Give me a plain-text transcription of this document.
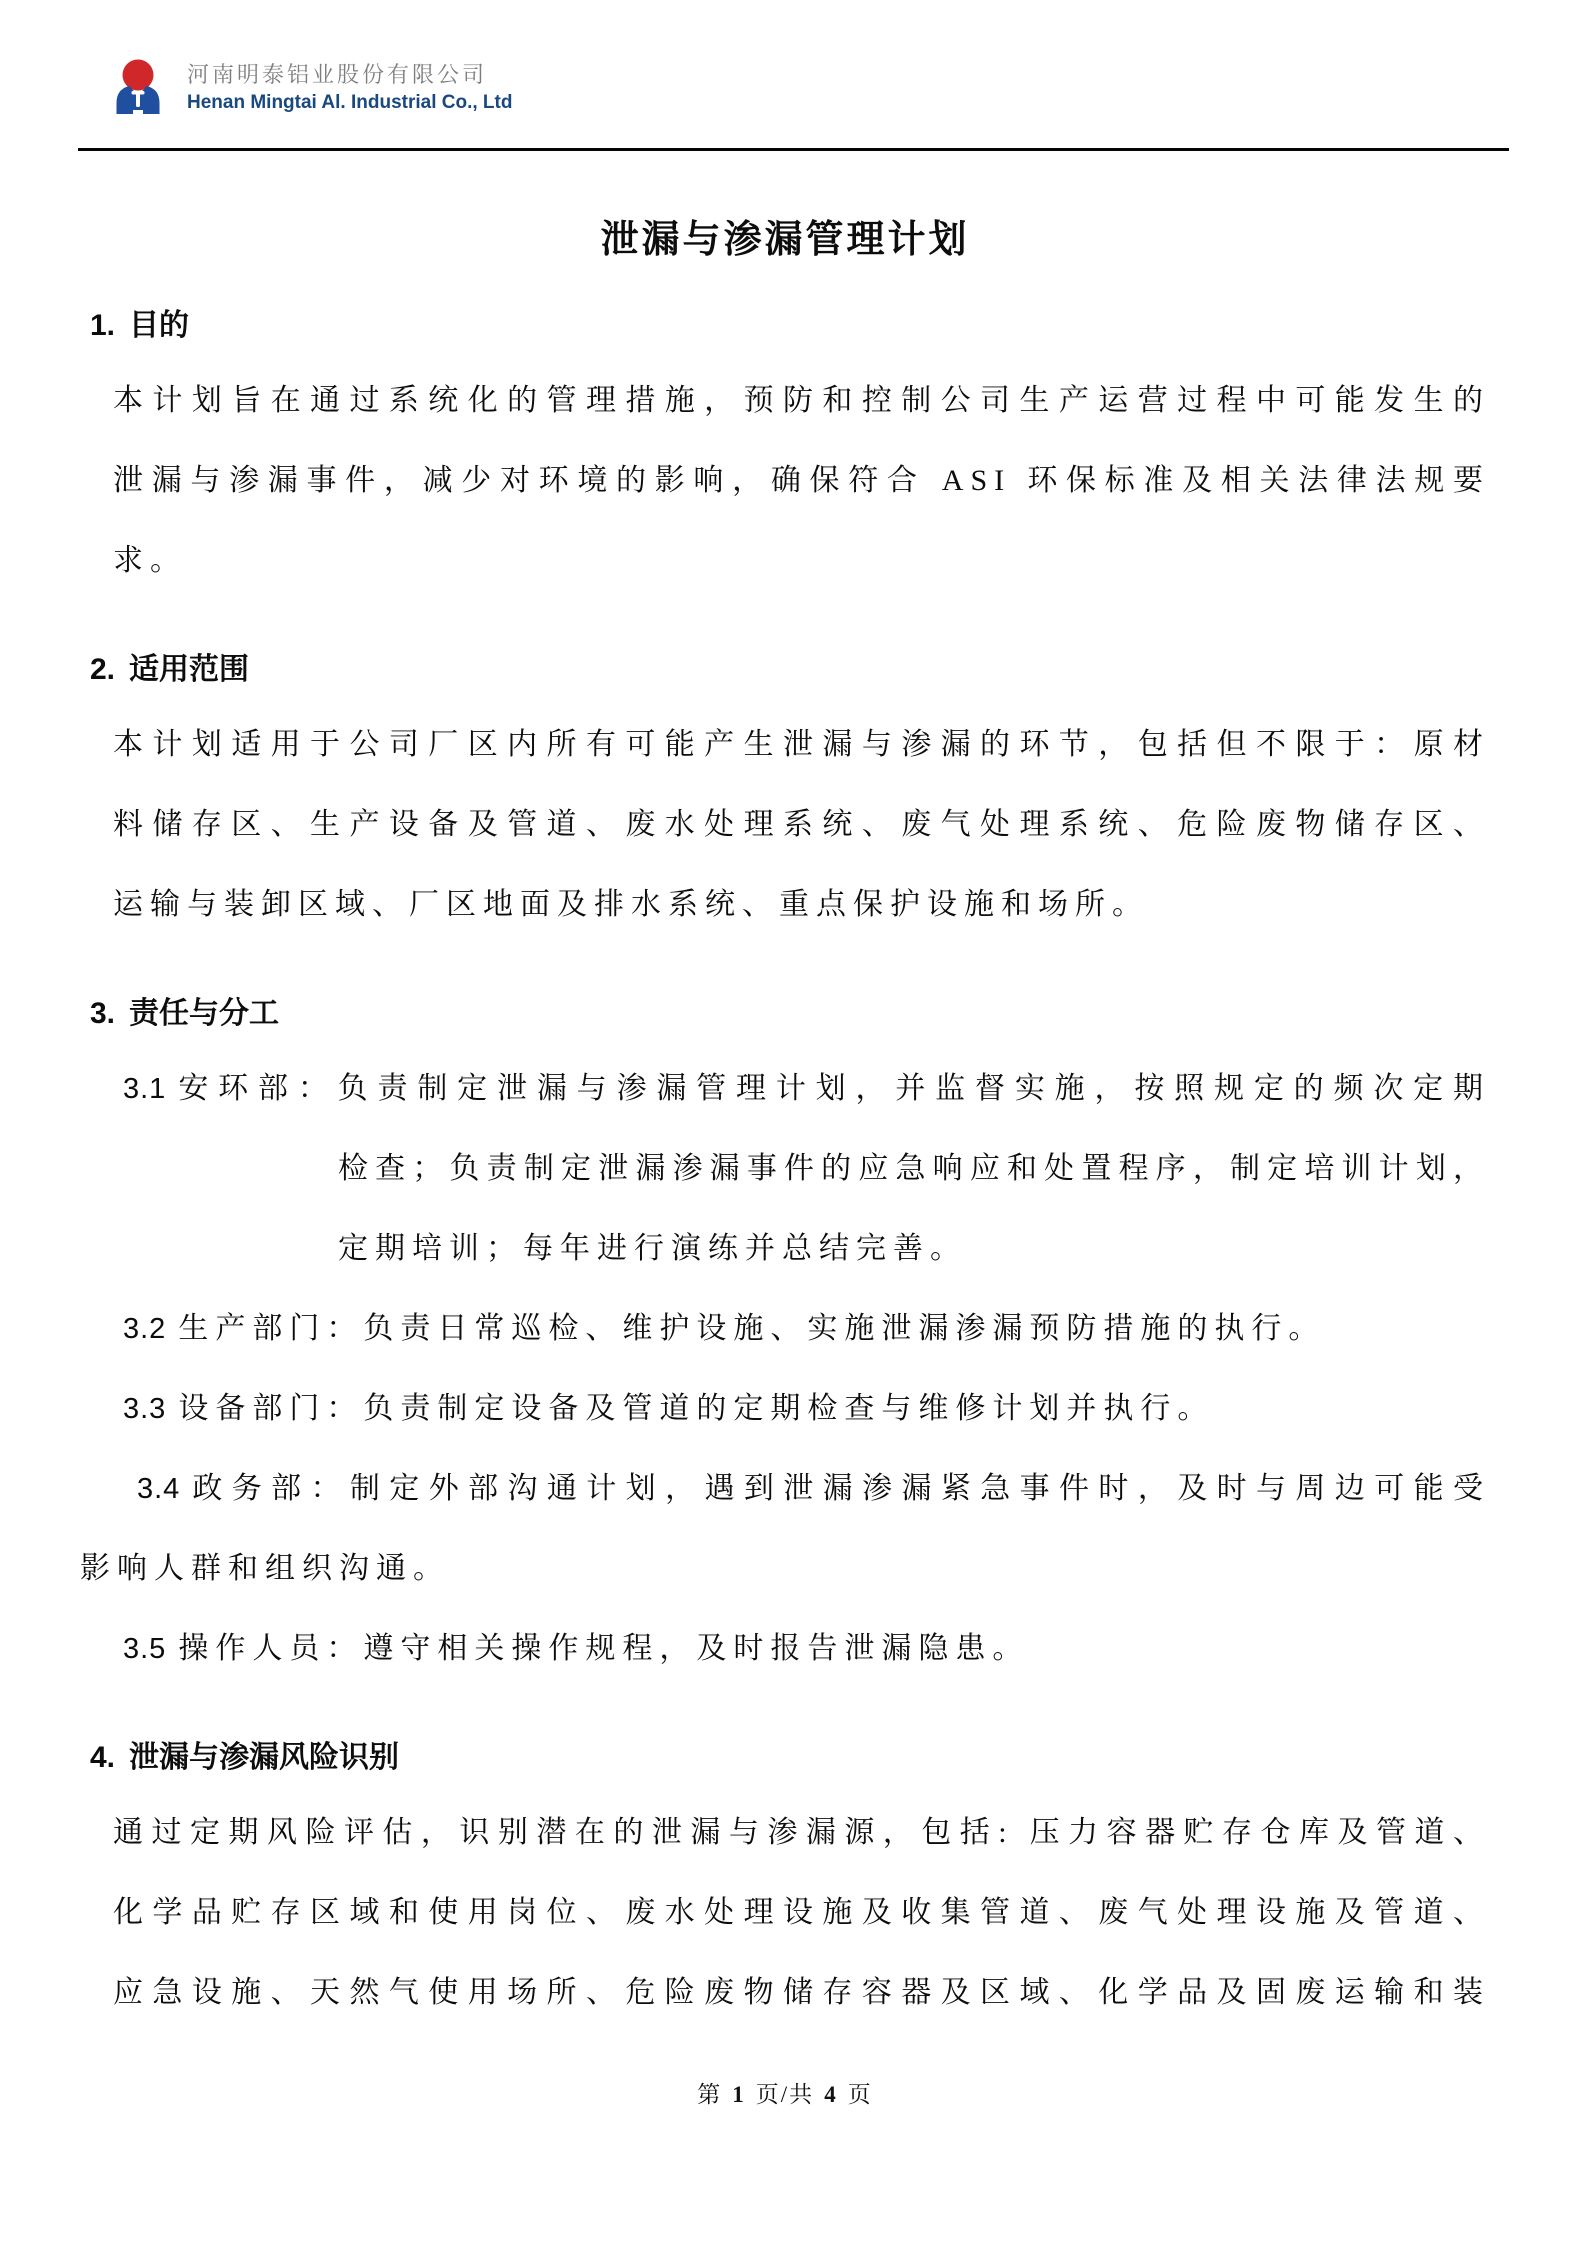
河南明泰铝业股份有限公司
Henan Mingtai Al. Industrial Co., Ltd
泄漏与渗漏管理计划
1. 目的
本计划旨在通过系统化的管理措施，预防和控制公司生产运营过程中可能发生的
泄漏与渗漏事件，减少对环境的影响，确保符合 ASI 环保标准及相关法律法规要
求。
2. 适用范围
本计划适用于公司厂区内所有可能产生泄漏与渗漏的环节，包括但不限于：原材
料储存区、生产设备及管道、废水处理系统、废气处理系统、危险废物储存区、
运输与装卸区域、厂区地面及排水系统、重点保护设施和场所。
3. 责任与分工
3.1 安环部：负责制定泄漏与渗漏管理计划，并监督实施，按照规定的频次定期
检查；负责制定泄漏渗漏事件的应急响应和处置程序，制定培训计划，
定期培训；每年进行演练并总结完善。
3.2 生产部门：负责日常巡检、维护设施、实施泄漏渗漏预防措施的执行。
3.3 设备部门：负责制定设备及管道的定期检查与维修计划并执行。
3.4 政务部：制定外部沟通计划，遇到泄漏渗漏紧急事件时，及时与周边可能受
影响人群和组织沟通。
3.5 操作人员：遵守相关操作规程，及时报告泄漏隐患。
4. 泄漏与渗漏风险识别
通过定期风险评估，识别潜在的泄漏与渗漏源，包括: 压力容器贮存仓库及管道、
化学品贮存区域和使用岗位、废水处理设施及收集管道、废气处理设施及管道、
应急设施、天然气使用场所、危险废物储存容器及区域、化学品及固废运输和装
第 1 页/共 4 页
